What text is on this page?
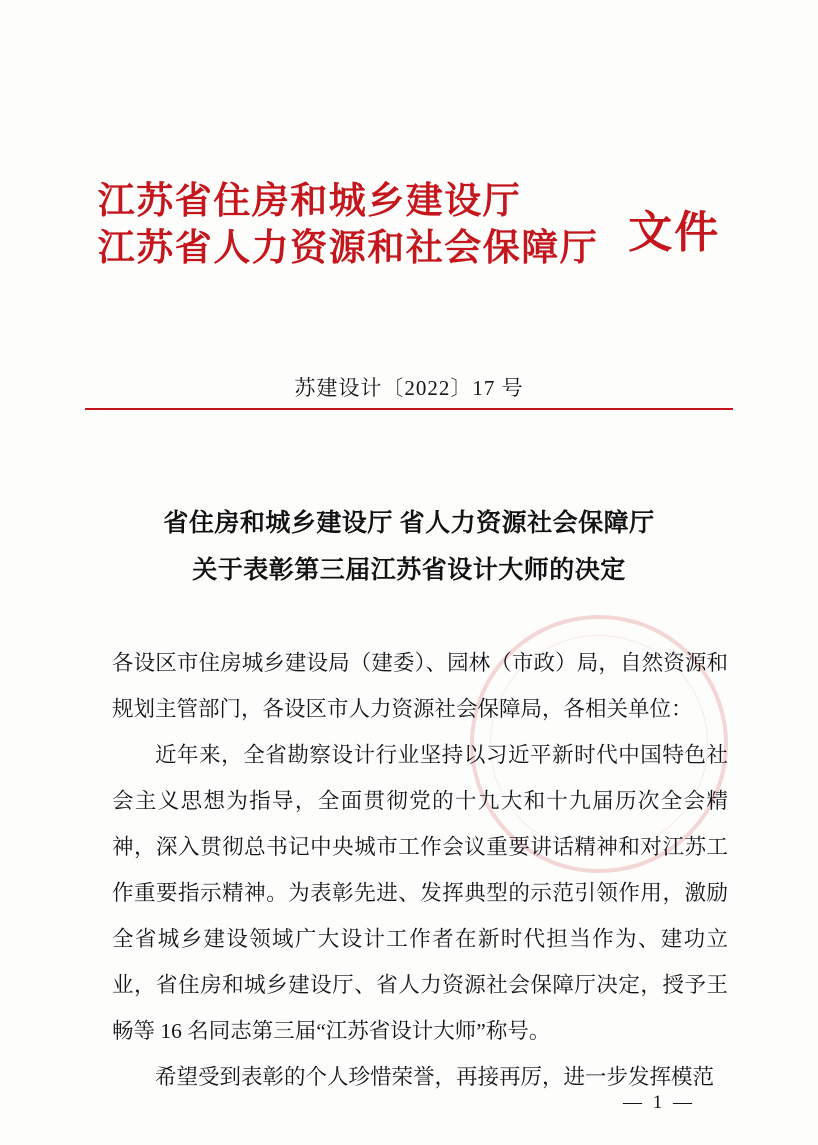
江苏省住房和城乡建设厅
江苏省人力资源和社会保障厅 文件
苏建设计〔2022〕17 号
省住房和城乡建设厅 省人力资源社会保障厅
关于表彰第三届江苏省设计大师的决定

各设区市住房城乡建设局（建委）、园林（市政）局，自然资源和规划主管部门，各设区市人力资源社会保障局，各相关单位：

近年来，全省勘察设计行业坚持以习近平新时代中国特色社会主义思想为指导，全面贯彻党的十九大和十九届历次全会精神，深入贯彻总书记中央城市工作会议重要讲话精神和对江苏工作重要指示精神。为表彰先进、发挥典型的示范引领作用，激励全省城乡建设领域广大设计工作者在新时代担当作为、建功立业，省住房和城乡建设厅、省人力资源社会保障厅决定，授予王畅等 16 名同志第三届“江苏省设计大师”称号。

希望受到表彰的个人珍惜荣誉，再接再厉，进一步发挥模范

— 1 —
